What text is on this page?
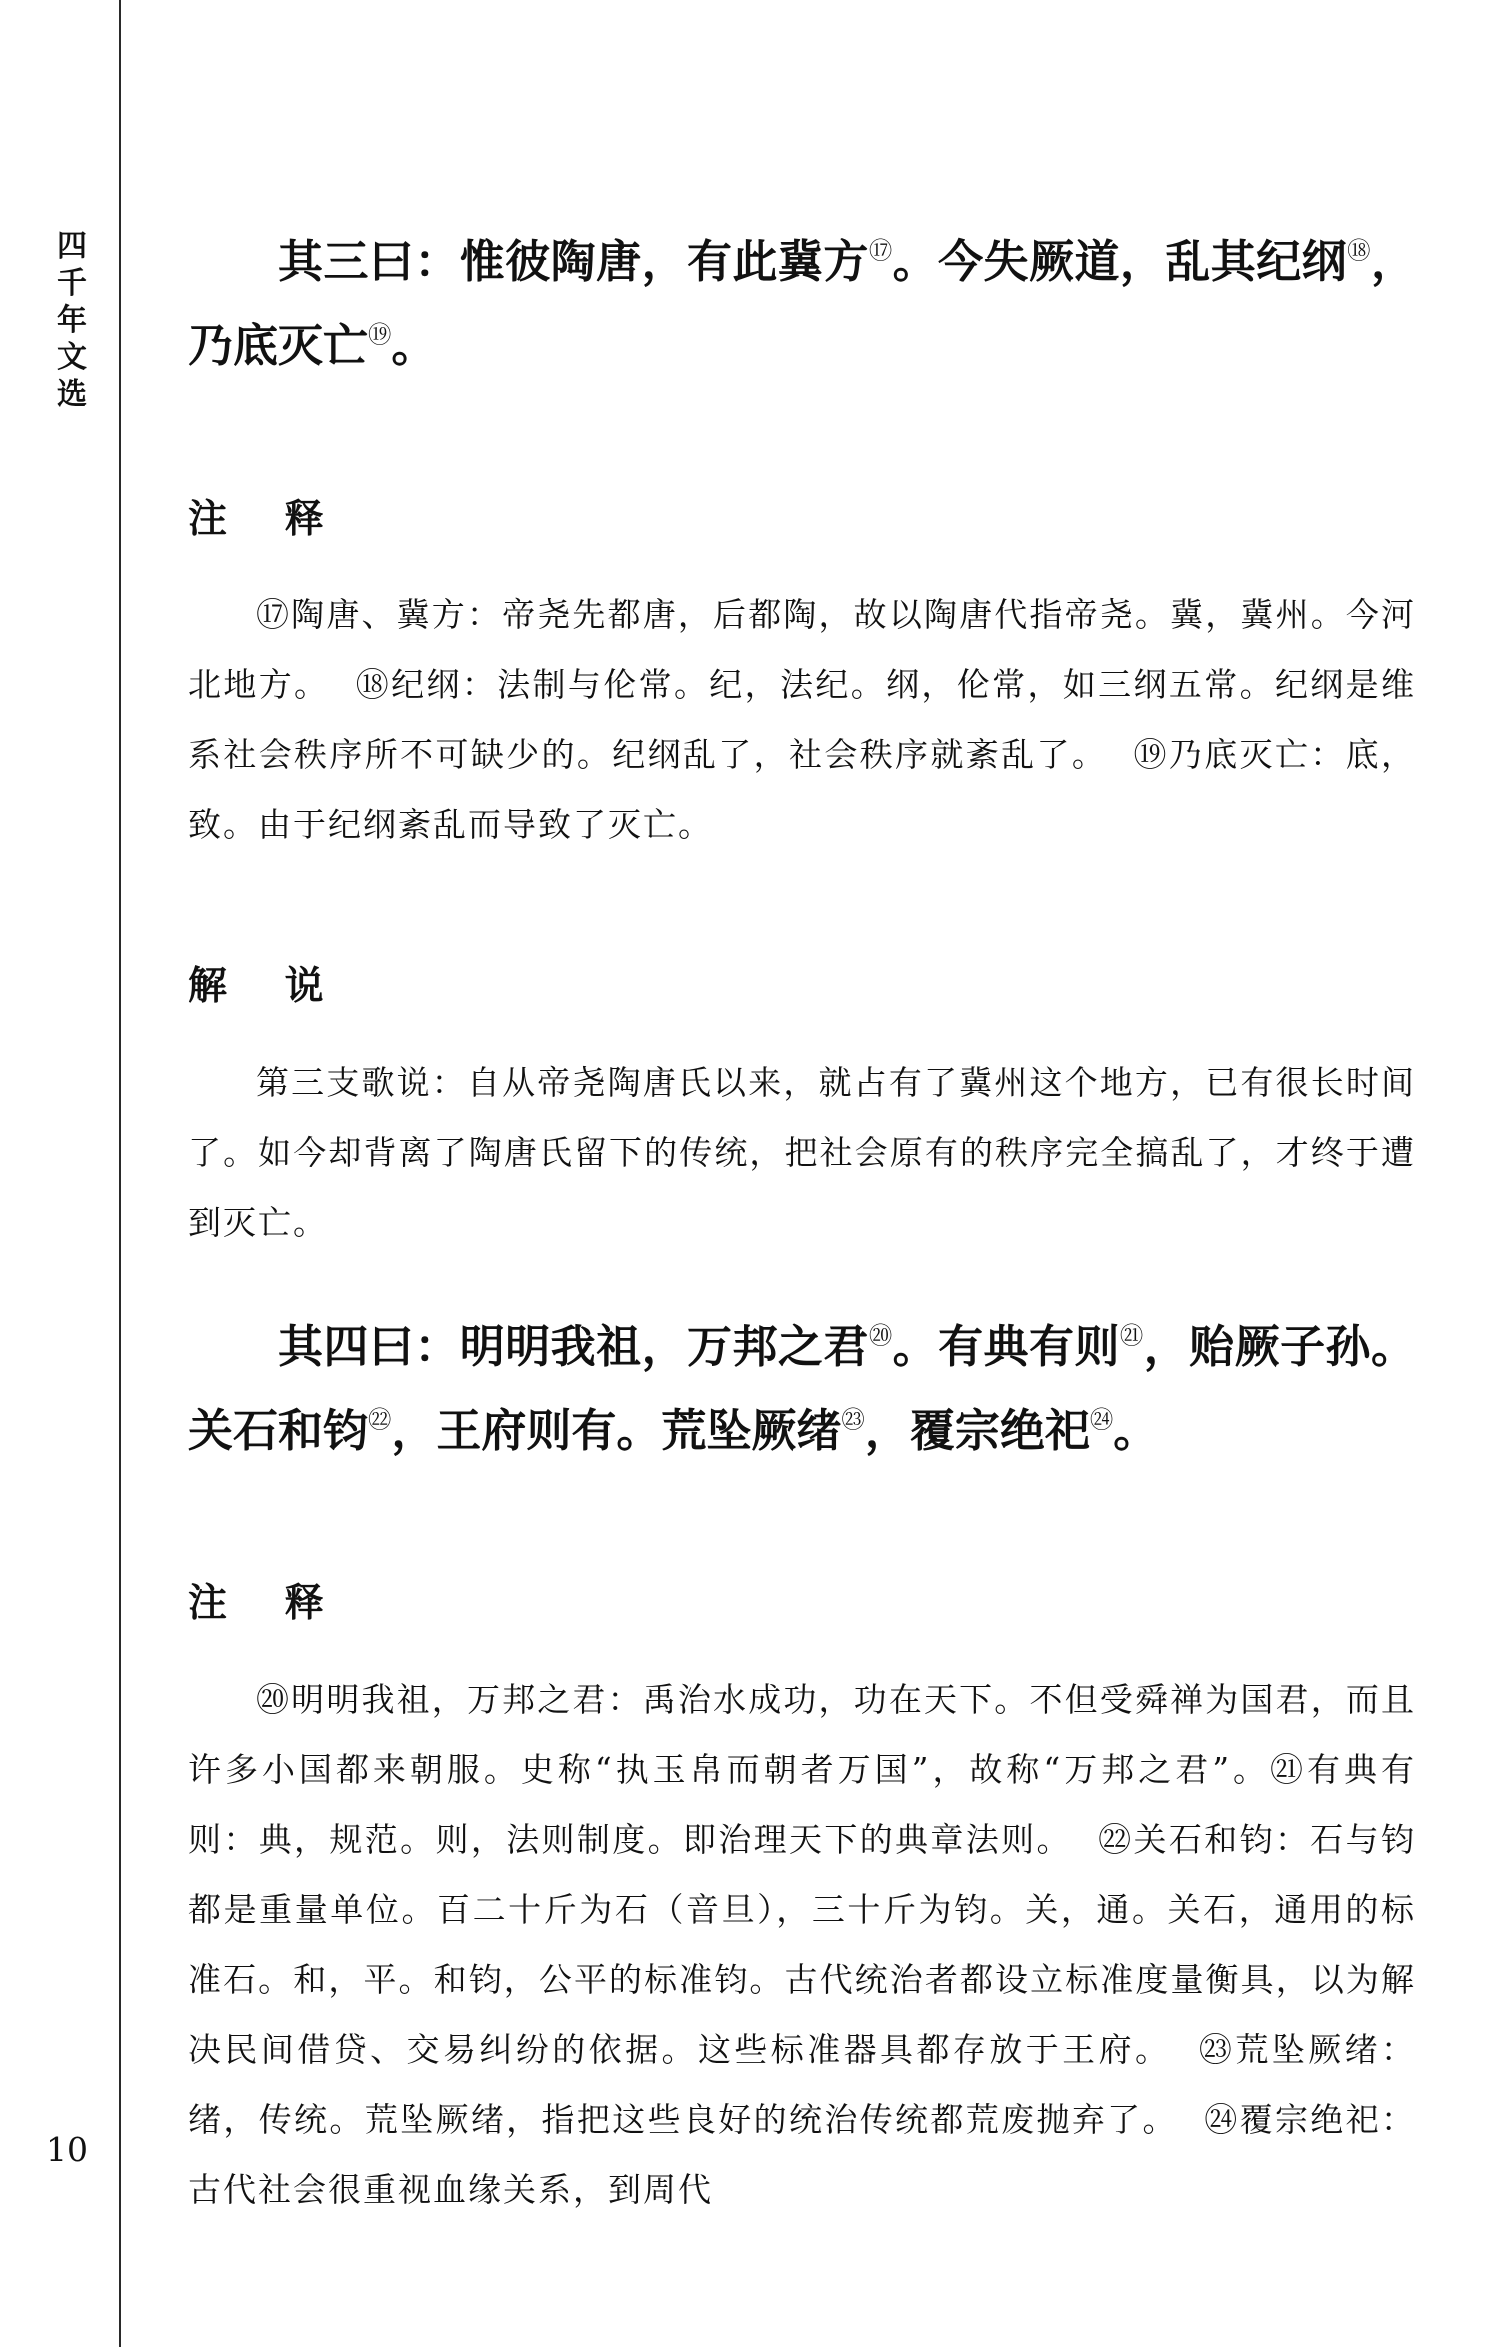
四千年文选
10

其三曰：惟彼陶唐，有此冀方⑰。今失厥道，乱其纪纲⑱，乃底灭亡⑲。

注 释

⑰陶唐、冀方：帝尧先都唐，后都陶，故以陶唐代指帝尧。冀，冀州。今河北地方。 ⑱纪纲：法制与伦常。纪，法纪。纲，伦常，如三纲五常。纪纲是维系社会秩序所不可缺少的。纪纲乱了，社会秩序就紊乱了。 ⑲乃底灭亡：底，致。由于纪纲紊乱而导致了灭亡。

解 说

第三支歌说：自从帝尧陶唐氏以来，就占有了冀州这个地方，已有很长时间了。如今却背离了陶唐氏留下的传统，把社会原有的秩序完全搞乱了，才终于遭到灭亡。

其四曰：明明我祖，万邦之君⑳。有典有则$^㉑$，贻厥子孙。关石和钧$^㉒$，王府则有。荒坠厥绪$^㉓$，覆宗绝祀$^㉔$。

注 释

⑳明明我祖，万邦之君：禹治水成功，功在天下。不但受舜禅为国君，而且许多小国都来朝服。史称“执玉帛而朝者万国”，故称“万邦之君”。㉑有典有则：典，规范。则，法则制度。即治理天下的典章法则。 ㉒关石和钧：石与钧都是重量单位。百二十斤为石（音旦），三十斤为钧。关，通。关石，通用的标准石。和，平。和钧，公平的标准钧。古代统治者都设立标准度量衡具，以为解决民间借贷、交易纠纷的依据。这些标准器具都存放于王府。 ㉓荒坠厥绪：绪，传统。荒坠厥绪，指把这些良好的统治传统都荒废抛弃了。 ㉔覆宗绝祀：古代社会很重视血缘关系，到周代
